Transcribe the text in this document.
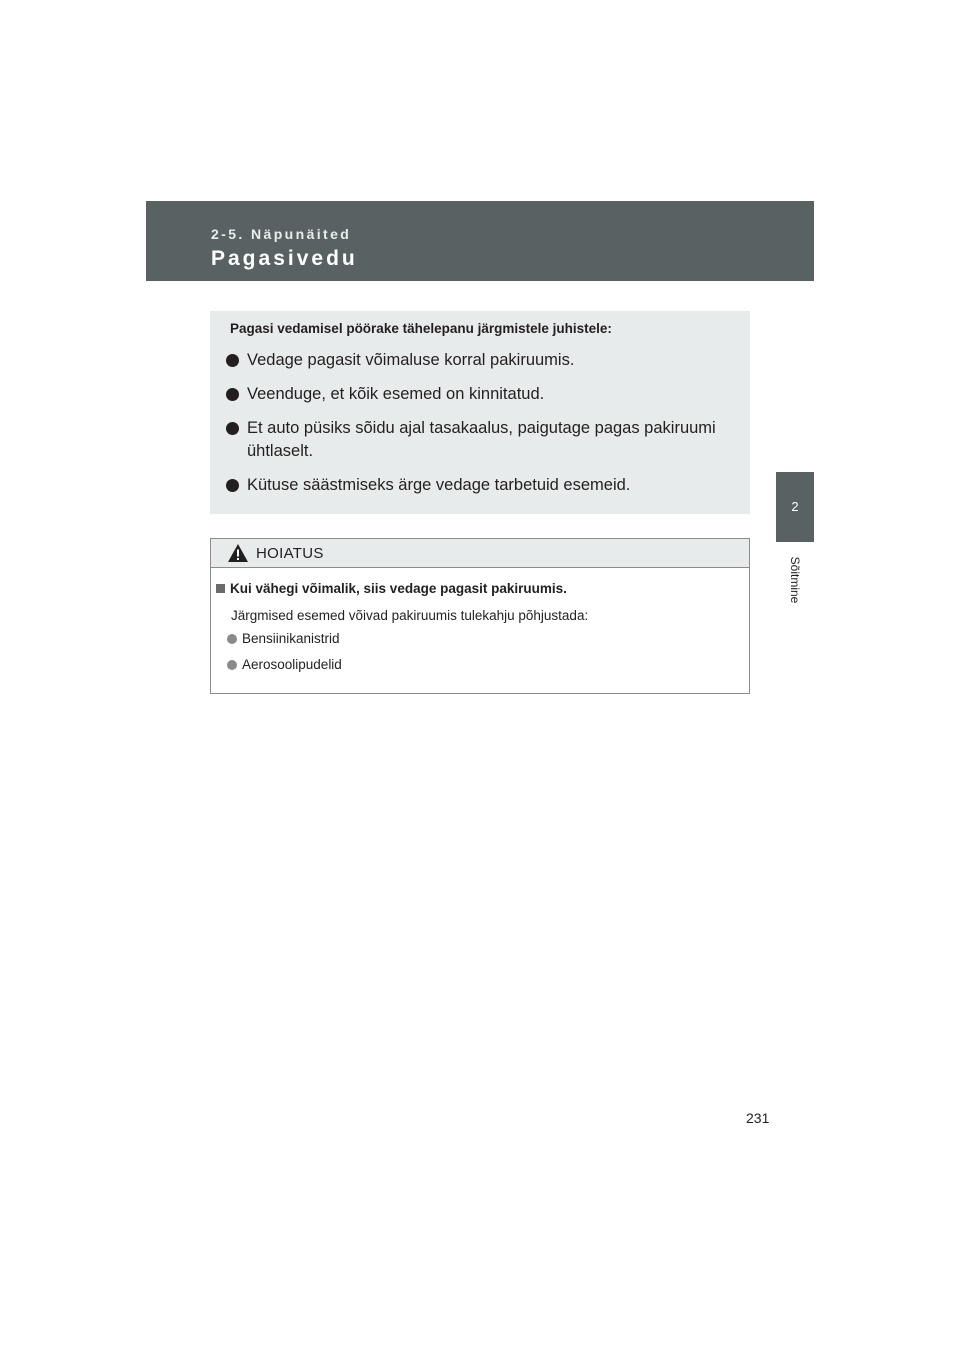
2-5. Näpunäited
Pagasivedu
2
Sõitmine
Pagasi vedamisel pöörake tähelepanu järgmistele juhistele:
Vedage pagasit võimaluse korral pakiruumis.
Veenduge, et kõik esemed on kinnitatud.
Et auto püsiks sõidu ajal tasakaalus, paigutage pagas pakiruumi ühtlaselt.
Kütuse säästmiseks ärge vedage tarbetuid esemeid.
HOIATUS
Kui vähegi võimalik, siis vedage pagasit pakiruumis.
Järgmised esemed võivad pakiruumis tulekahju põhjustada:
Bensiinikanistrid
Aerosoolipudelid
231
